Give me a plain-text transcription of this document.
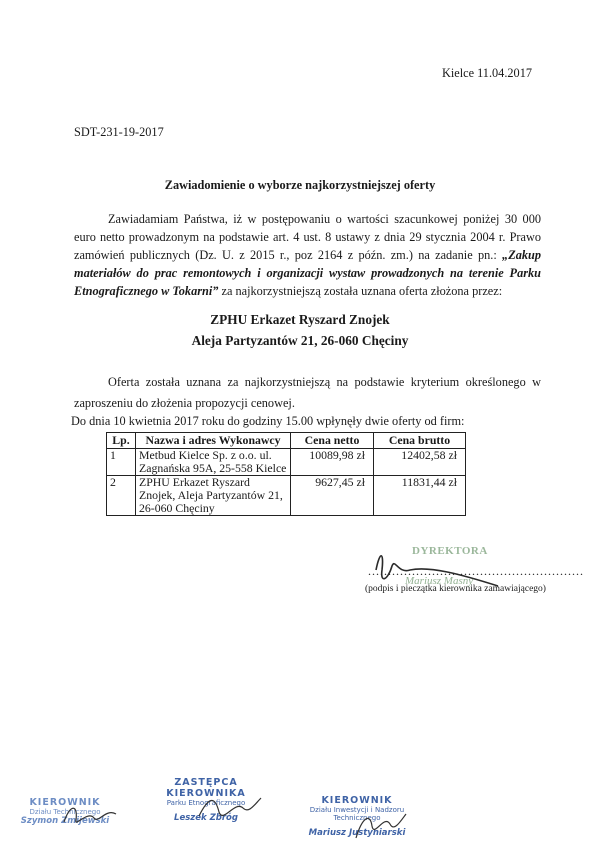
Kielce 11.04.2017
SDT-231-19-2017
Zawiadomienie o wyborze najkorzystniejszej oferty
Zawiadamiam Państwa, iż w postępowaniu o wartości szacunkowej poniżej 30 000 euro netto prowadzonym na podstawie art. 4 ust. 8 ustawy z dnia 29 stycznia 2004 r. Prawo zamówień publicznych (Dz. U. z 2015 r., poz 2164 z późn. zm.) na zadanie pn.: „Zakup materiałów do prac remontowych i organizacji wystaw prowadzonych na terenie Parku Etnograficznego w Tokarni” za najkorzystniejszą została uznana oferta złożona przez:
ZPHU Erkazet Ryszard Znojek
Aleja Partyzantów 21, 26-060 Chęciny
Oferta została uznana za najkorzystniejszą na podstawie kryterium określonego w zaproszeniu do złożenia propozycji cenowej.
Do dnia 10 kwietnia 2017 roku do godziny 15.00 wpłynęły dwie oferty od firm:
Lp.	Nazwa i adres Wykonawcy	Cena netto	Cena brutto
1	Metbud Kielce Sp. z o.o. ul. Zagnańska 95A, 25-558 Kielce	10089,98 zł	12402,58 zł
2	ZPHU Erkazet Ryszard Znojek, Aleja Partyzantów 21, 26-060 Chęciny	9627,45 zł	11831,44 zł
DYREKTORA
......................................................
Mariusz Masny
(podpis i pieczątka kierownika zamawiającego)
KIEROWNIK
Działu Technicznego
Szymon Zmijewski
ZASTĘPCA KIEROWNIKA
Parku Etnograficznego
Leszek Zbróg
KIEROWNIK
Działu Inwestycji i Nadzoru Technicznego
Mariusz Justyniarski
